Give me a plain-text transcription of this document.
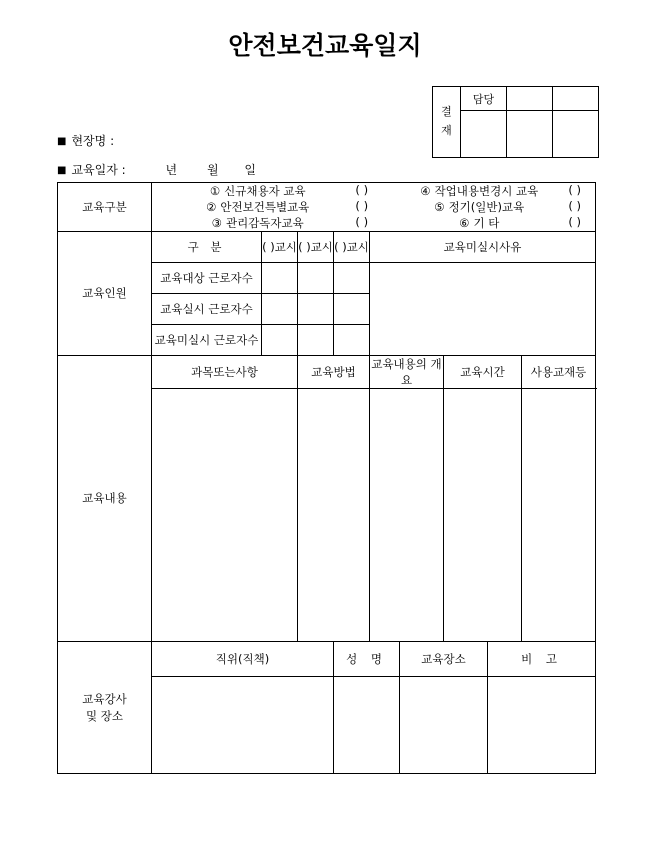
안전보건교육일지
결
재	담당		

■ 현장명 :
■ 교육일자 :	년 월 일
교육구분	
① 신규채용자 교육	( )	④ 작업내용변경시 교육	( )

② 안전보건특별교육	( )	⑤ 정기(일반)교육	( )

③ 관리감독자교육	( )	⑥ 기 타	( )

교육인원	구 분	( )교시	( )교시	( )교시	교육미실시사유
교육대상 근로자수				
교육실시 근로자수			
교육미실시 근로자수			
교육내용	과목또는사항	교육방법	교육내용의 개요	교육시간	사용교재등

교육강사
및 장소	직위(직책)	성 명	교육장소	비 고
